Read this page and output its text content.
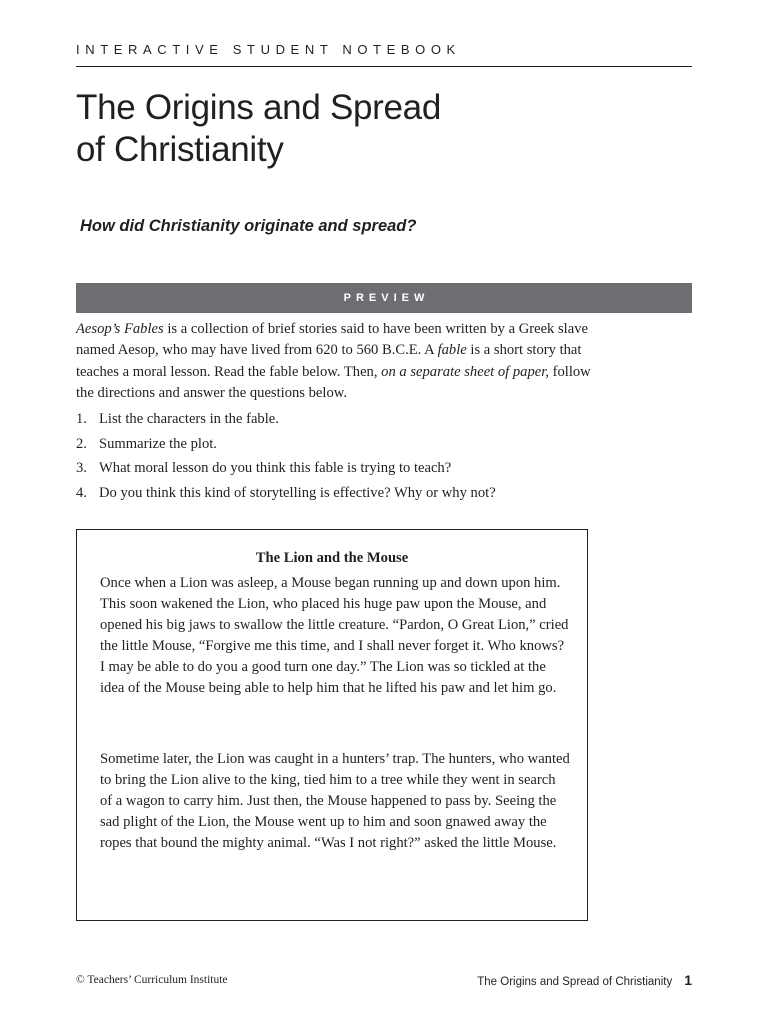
INTERACTIVE STUDENT NOTEBOOK
The Origins and Spread
of Christianity
How did Christianity originate and spread?
PREVIEW

Aesop’s Fables is a collection of brief stories said to have been written by a Greek slave named Aesop, who may have lived from 620 to 560 B.C.E. A fable is a short story that teaches a moral lesson. Read the fable below. Then, on a separate sheet of paper, follow the directions and answer the questions below.

1. List the characters in the fable.
2. Summarize the plot.
3. What moral lesson do you think this fable is trying to teach?
4. Do you think this kind of storytelling is effective? Why or why not?
The Lion and the Mouse

Once when a Lion was asleep, a Mouse began running up and down upon him. This soon wakened the Lion, who placed his huge paw upon the Mouse, and opened his big jaws to swallow the little creature. “Pardon, O Great Lion,” cried the little Mouse, “Forgive me this time, and I shall never forget it. Who knows? I may be able to do you a good turn one day.” The Lion was so tickled at the idea of the Mouse being able to help him that he lifted his paw and let him go.

Sometime later, the Lion was caught in a hunters’ trap. The hunters, who wanted to bring the Lion alive to the king, tied him to a tree while they went in search of a wagon to carry him. Just then, the Mouse happened to pass by. Seeing the sad plight of the Lion, the Mouse went up to him and soon gnawed away the ropes that bound the mighty animal. “Was I not right?” asked the little Mouse.

© Teachers’ Curriculum Institute	The Origins and Spread of Christianity 1
